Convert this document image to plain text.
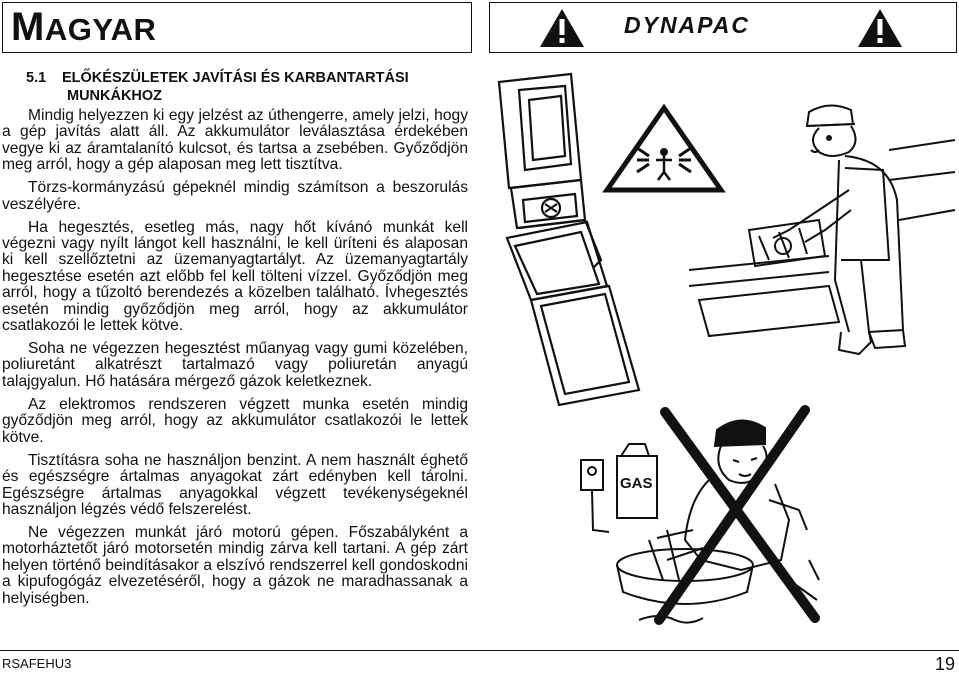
MAGYAR	DYNAPAC
5.1 ELŐKÉSZÜLETEK JAVÍTÁSI ÉS KARBANTARTÁSI
MUNKÁKHOZ

Mindig helyezzen ki egy jelzést az úthengerre, amely jelzi, hogy a gép javítás alatt áll. Az akkumulátor leválasztása érdekében vegye ki az áramtalanító kulcsot, és tartsa a zsebében. Győződjön meg arról, hogy a gép alaposan meg lett tisztítva.

Törzs-kormányzású gépeknél mindig számítson a beszorulás veszélyére.

Ha hegesztés, esetleg más, nagy hőt kívánó munkát kell végezni vagy nyílt lángot kell használni, le kell üríteni és alaposan ki kell szellőztetni az üzemanyagtartályt. Az üzemanyagtartály hegesztése esetén azt előbb fel kell tölteni vízzel. Győződjön meg arról, hogy a tűzoltó berendezés a közelben található. Ívhegesztés esetén mindig győződjön meg arról, hogy az akkumulátor csatlakozói le lettek kötve.

Soha ne végezzen hegesztést műanyag vagy gumi közelében, poliuretánt alkatrészt tartalmazó vagy poliuretán anyagú talajgyalun. Hő hatására mérgező gázok keletkeznek.

Az elektromos rendszeren végzett munka esetén mindig győződjön meg arról, hogy az akkumulátor csatlakozói le lettek kötve.

Tisztításra soha ne használjon benzint. A nem használt éghető és egészségre ártalmas anyagokat zárt edényben kell tárolni. Egészségre ártalmas anyagokkal végzett tevékenységeknél használjon légzés védő felszerelést.

Ne végezzen munkát járó motorú gépen. Főszabályként a motorháztetőt járó motorsetén mindig zárva kell tartani. A gép zárt helyen történő beindításakor a elszívó rendszerrel kell gondoskodni a kipufogógáz elvezetéséről, hogy a gázok ne maradhassanak a helyiségben.

GAS
RSAFEHU3	19
